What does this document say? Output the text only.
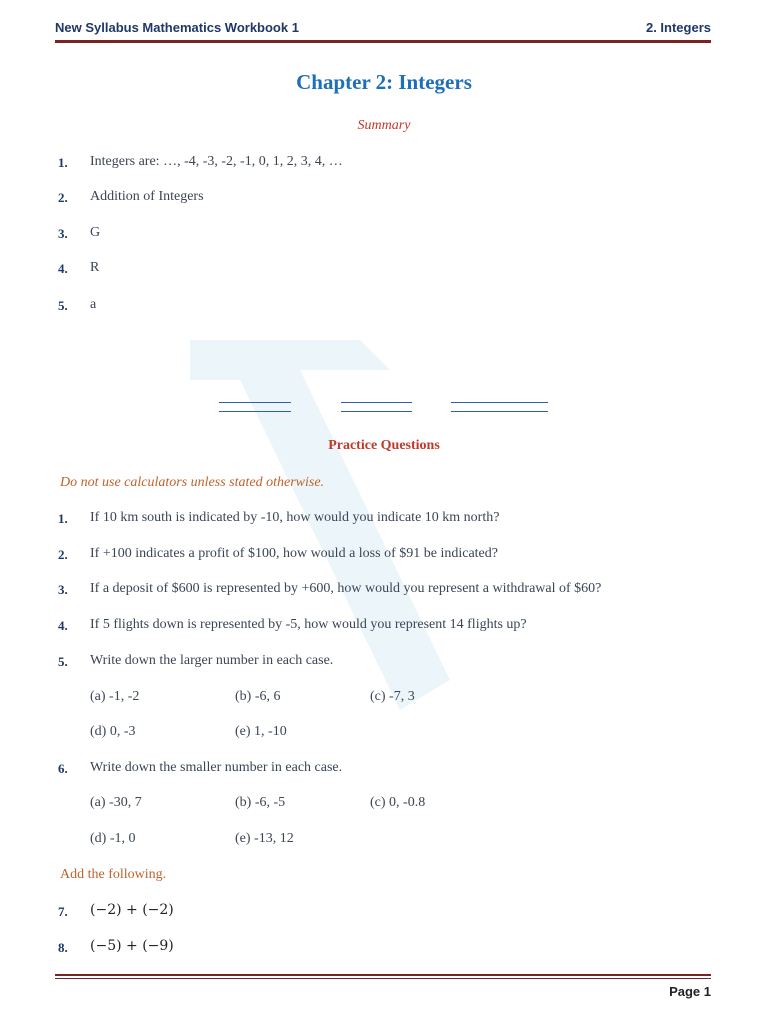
New Syllabus Mathematics Workbook 1	2. Integers
Chapter 2: Integers
Summary
1. Integers are: …, -4, -3, -2, -1, 0, 1, 2, 3, 4, …
2. Addition of Integers
3. G
4. R
5. a
Practice Questions
Do not use calculators unless stated otherwise.
1. If 10 km south is indicated by -10, how would you indicate 10 km north?
2. If +100 indicates a profit of $100, how would a loss of $91 be indicated?
3. If a deposit of $600 is represented by +600, how would you represent a withdrawal of $60?
4. If 5 flights down is represented by -5, how would you represent 14 flights up?
5. Write down the larger number in each case.
(a) -1, -2	(b) -6, 6	(c) -7, 3
(d) 0, -3	(e) 1, -10
6. Write down the smaller number in each case.
(a) -30, 7	(b) -6, -5	(c) 0, -0.8
(d) -1, 0	(e) -13, 12
Add the following.
7. (−2) + (−2)
8. (−5) + (−9)
Page 1
